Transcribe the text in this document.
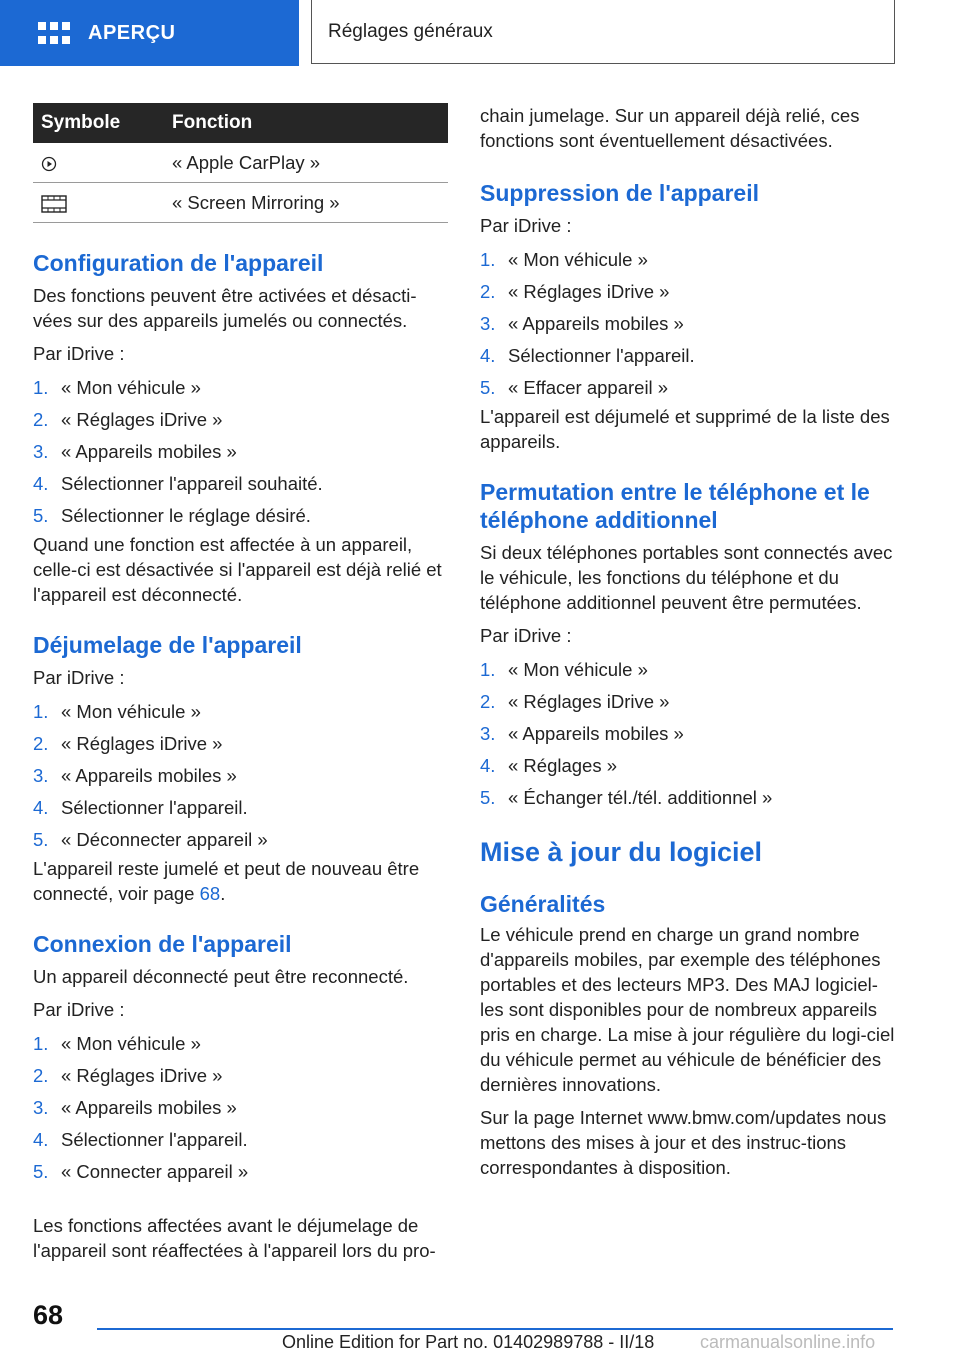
APERÇU	Réglages généraux
Symbole	Fonction
	« Apple CarPlay »
	« Screen Mirroring »
Configuration de l'appareil

Des fonctions peuvent être activées et désacti‐vées sur des appareils jumelés ou connectés.

Par iDrive :

1. « Mon véhicule »
2. « Réglages iDrive »
3. « Appareils mobiles »
4. Sélectionner l'appareil souhaité.
5. Sélectionner le réglage désiré.

Quand une fonction est affectée à un appareil, celle-ci est désactivée si l'appareil est déjà relié et l'appareil est déconnecté.

Déjumelage de l'appareil

Par iDrive :

1. « Mon véhicule »
2. « Réglages iDrive »
3. « Appareils mobiles »
4. Sélectionner l'appareil.
5. « Déconnecter appareil »

L'appareil reste jumelé et peut de nouveau être connecté, voir page 68.

Connexion de l'appareil

Un appareil déconnecté peut être reconnecté.

Par iDrive :

1. « Mon véhicule »
2. « Réglages iDrive »
3. « Appareils mobiles »
4. Sélectionner l'appareil.
5. « Connecter appareil »

Les fonctions affectées avant le déjumelage de l'appareil sont réaffectées à l'appareil lors du pro‐

chain jumelage. Sur un appareil déjà relié, ces fonctions sont éventuellement désactivées.

Suppression de l'appareil

Par iDrive :

1. « Mon véhicule »
2. « Réglages iDrive »
3. « Appareils mobiles »
4. Sélectionner l'appareil.
5. « Effacer appareil »

L'appareil est déjumelé et supprimé de la liste des appareils.

Permutation entre le téléphone et le téléphone additionnel

Si deux téléphones portables sont connectés avec le véhicule, les fonctions du téléphone et du téléphone additionnel peuvent être permutées.

Par iDrive :

1. « Mon véhicule »
2. « Réglages iDrive »
3. « Appareils mobiles »
4. « Réglages »
5. « Échanger tél./tél. additionnel »
Mise à jour du logiciel
Généralités

Le véhicule prend en charge un grand nombre d'appareils mobiles, par exemple des téléphones portables et des lecteurs MP3. Des MAJ logiciel‐les sont disponibles pour de nombreux appareils pris en charge. La mise à jour régulière du logi‐ciel du véhicule permet au véhicule de bénéficier des dernières innovations.

Sur la page Internet www.bmw.com/updates nous mettons des mises à jour et des instruc‐tions correspondantes à disposition.

68
Online Edition for Part no. 01402989788 - II/18	carmanualsonline.info
